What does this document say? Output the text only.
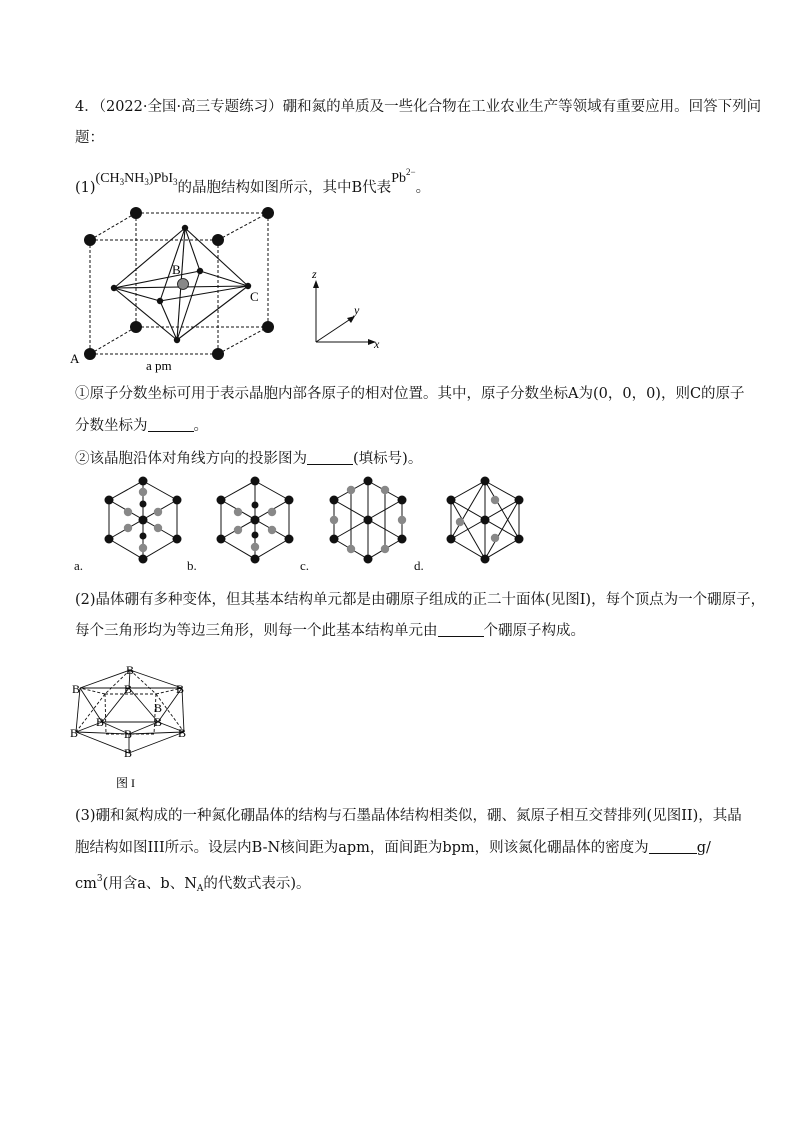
4．（2022·全国·高三专题练习）硼和氮的单质及一些化合物在工业农业生产等领域有重要应用。回答下列问
题：
$(1)(CH_3NH_3)PbI_3$的晶胞结构如图所示，其中B代表$Pb^{2-}$。
B
C
A	a pm
z
y
x
①原子分数坐标可用于表示晶胞内部各原子的相对位置。其中，原子分数坐标A为(0，0，0)，则C的原子
分数坐标为	。
②该晶胞沿体对角线方向的投影图为	(填标号)。
a.	b.	c.	d.
(2)晶体硼有多种变体，但其基本结构单元都是由硼原子组成的正二十面体(见图I)，每个顶点为一个硼原子，
每个三角形均为等边三角形，则每一个此基本结构单元由	个硼原子构成。
B
B	B	B
B
B	B
B	B
B
B
图 I
(3)硼和氮构成的一种氮化硼晶体的结构与石墨晶体结构相类似，硼、氮原子相互交替排列(见图II)，其晶
胞结构如图III所示。设层内B-N核间距为apm，面间距为bpm，则该氮化硼晶体的密度为	g/
$cm^3$(用含a、b、$N_A$的代数式表示)。
